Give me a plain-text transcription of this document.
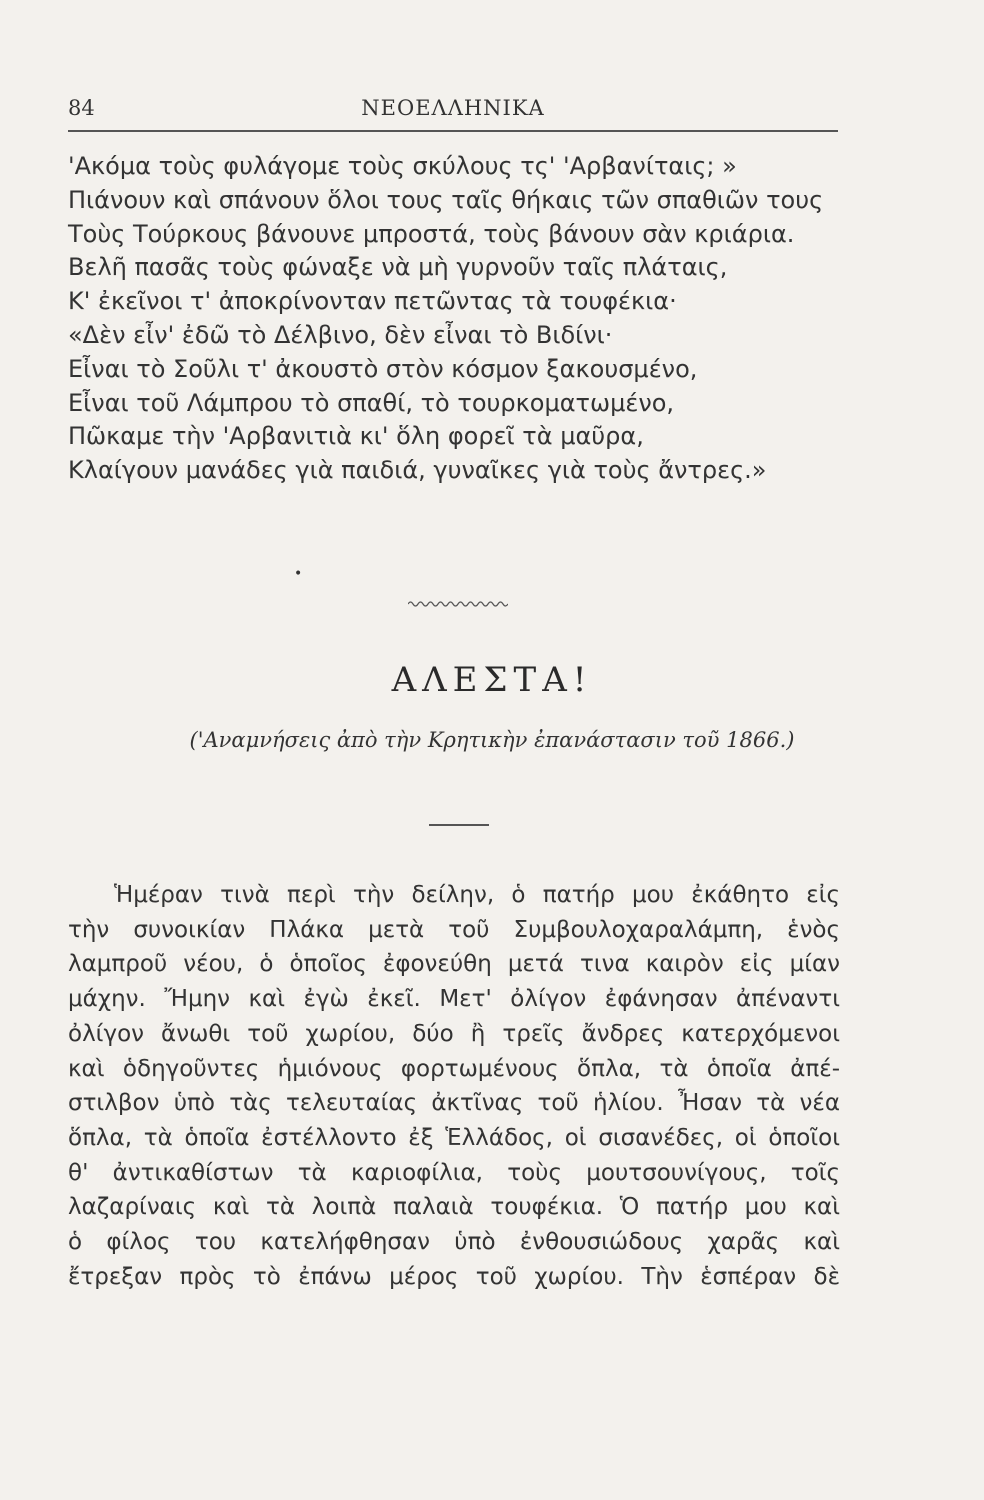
84	ΝΕΟΕΛΛΗΝΙΚΑ
'Ακόμα τοὺς φυλάγομε τοὺς σκύλους τς' 'Αρβανίταις; »
Πιάνουν καὶ σπάνουν ὅλοι τους ταῖς θήκαις τῶν σπαθιῶν τους
Τοὺς Τούρκους βάνουνε μπροστά, τοὺς βάνουν σὰν κριάρια.
Βελῆ πασᾶς τοὺς φώναξε νὰ μὴ γυρνοῦν ταῖς πλάταις,
Κ' ἐκεῖνοι τ' ἀποκρίνονταν πετῶντας τὰ τουφέκια·
«Δὲν εἶν' ἐδῶ τὸ Δέλβινο, δὲν εἶναι τὸ Βιδίνι·
Εἶναι τὸ Σοῦλι τ' ἀκουστὸ στὸν κόσμον ξακουσμένο,
Εἶναι τοῦ Λάμπρου τὸ σπαθί, τὸ τουρκοματωμένο,
Πῶκαμε τὴν 'Αρβανιτιὰ κι' ὅλη φορεῖ τὰ μαῦρα,
Κλαίγουν μανάδες γιὰ παιδιά, γυναῖκες γιὰ τοὺς ἄντρες.»
•
ΑΛΕΣΤΑ!
('Αναμνήσεις ἀπὸ τὴν Κρητικὴν ἐπανάστασιν τοῦ 1866.)
Ἡμέραν τινὰ περὶ τὴν δείλην, ὁ πατήρ μου ἐκάθητο εἰς
τὴν συνοικίαν Πλάκα μετὰ τοῦ Συμβουλοχαραλάμπη, ἑνὸς
λαμπροῦ νέου, ὁ ὁποῖος ἐφονεύθη μετά τινα καιρὸν εἰς μίαν
μάχην. Ἤμην καὶ ἐγὼ ἐκεῖ. Μετ' ὀλίγον ἐφάνησαν ἀπέναντι
ὀλίγον ἄνωθι τοῦ χωρίου, δύο ἢ τρεῖς ἄνδρες κατερχόμενοι
καὶ ὁδηγοῦντες ἡμιόνους φορτωμένους ὅπλα, τὰ ὁποῖα ἀπέ-
στιλβον ὑπὸ τὰς τελευταίας ἀκτῖνας τοῦ ἡλίου. Ἦσαν τὰ νέα
ὅπλα, τὰ ὁποῖα ἐστέλλοντο ἐξ Ἑλλάδος, οἱ σισανέδες, οἱ ὁποῖοι
θ' ἀντικαθίστων τὰ καριοφίλια, τοὺς μουτσουνίγους, τοῖς
λαζαρίναις καὶ τὰ λοιπὰ παλαιὰ τουφέκια. Ὁ πατήρ μου καὶ
ὁ φίλος του κατελήφθησαν ὑπὸ ἐνθουσιώδους χαρᾶς καὶ
ἔτρεξαν πρὸς τὸ ἐπάνω μέρος τοῦ χωρίου. Τὴν ἑσπέραν δὲ
